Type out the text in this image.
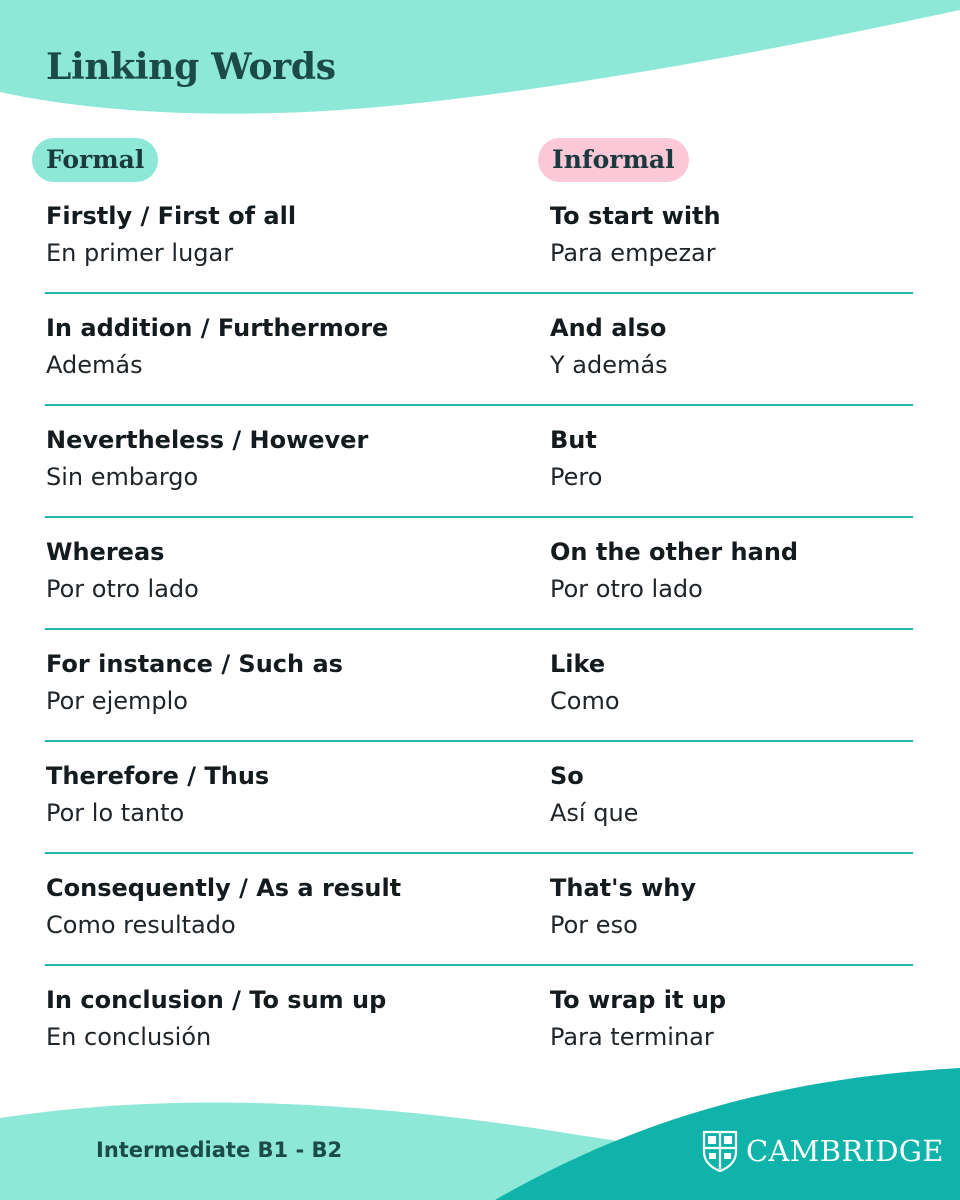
Linking Words
Formal	Informal
Firstly / First of all
En primer lugar
To start with
Para empezar
In addition / Furthermore
Además
And also
Y además
Nevertheless / However
Sin embargo
But
Pero
Whereas
Por otro lado
On the other hand
Por otro lado
For instance / Such as
Por ejemplo
Like
Como
Therefore / Thus
Por lo tanto
So
Así que
Consequently / As a result
Como resultado
That's why
Por eso
In conclusion / To sum up
En conclusión
To wrap it up
Para terminar
Intermediate B1 - B2	CAMBRIDGE
